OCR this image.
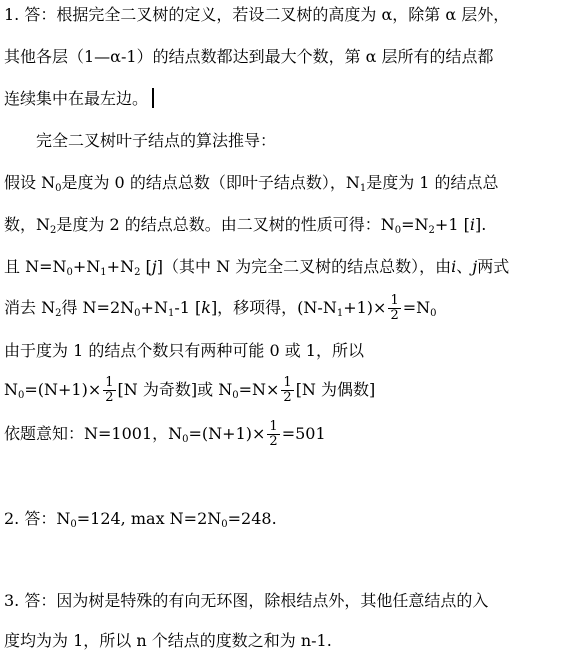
1. 答：根据完全二叉树的定义，若设二叉树的高度为 α，除第 α 层外，
其他各层（1—α-1）的结点数都达到最大个数，第 α 层所有的结点都
连续集中在最左边。
完全二叉树叶子结点的算法推导：
假设 $N_0$是度为 0 的结点总数（即叶子结点数），$N_1$是度为 1 的结点总
数，$N_2$是度为 2 的结点总数。由二叉树的性质可得：$N_0=N_2+1$ [i].
且 $N=N_0+N_1+N_2$ [j]（其中 N 为完全二叉树的结点总数），由i、j两式
消去 $N_2$得 $N=2N_0+N_1-1$ [k]，移项得，$(N-N_1+1)\times \frac{1}{2} =N_0$
由于度为 1 的结点个数只有两种可能 0 或 1，所以
$N_0=(N+1)\times \frac{1}{2} [N$ 为奇数]或 $N_0=N\times \frac{1}{2} [N$ 为偶数]
依题意知：N=1001，$N_0=(N+1)\times \frac{1}{2} =501$
2. 答：$N_0=124$, $\max N=2N_0=248$.
3. 答：因为树是特殊的有向无环图，除根结点外，其他任意结点的入
度均为为 1，所以 n 个结点的度数之和为 n-1.
